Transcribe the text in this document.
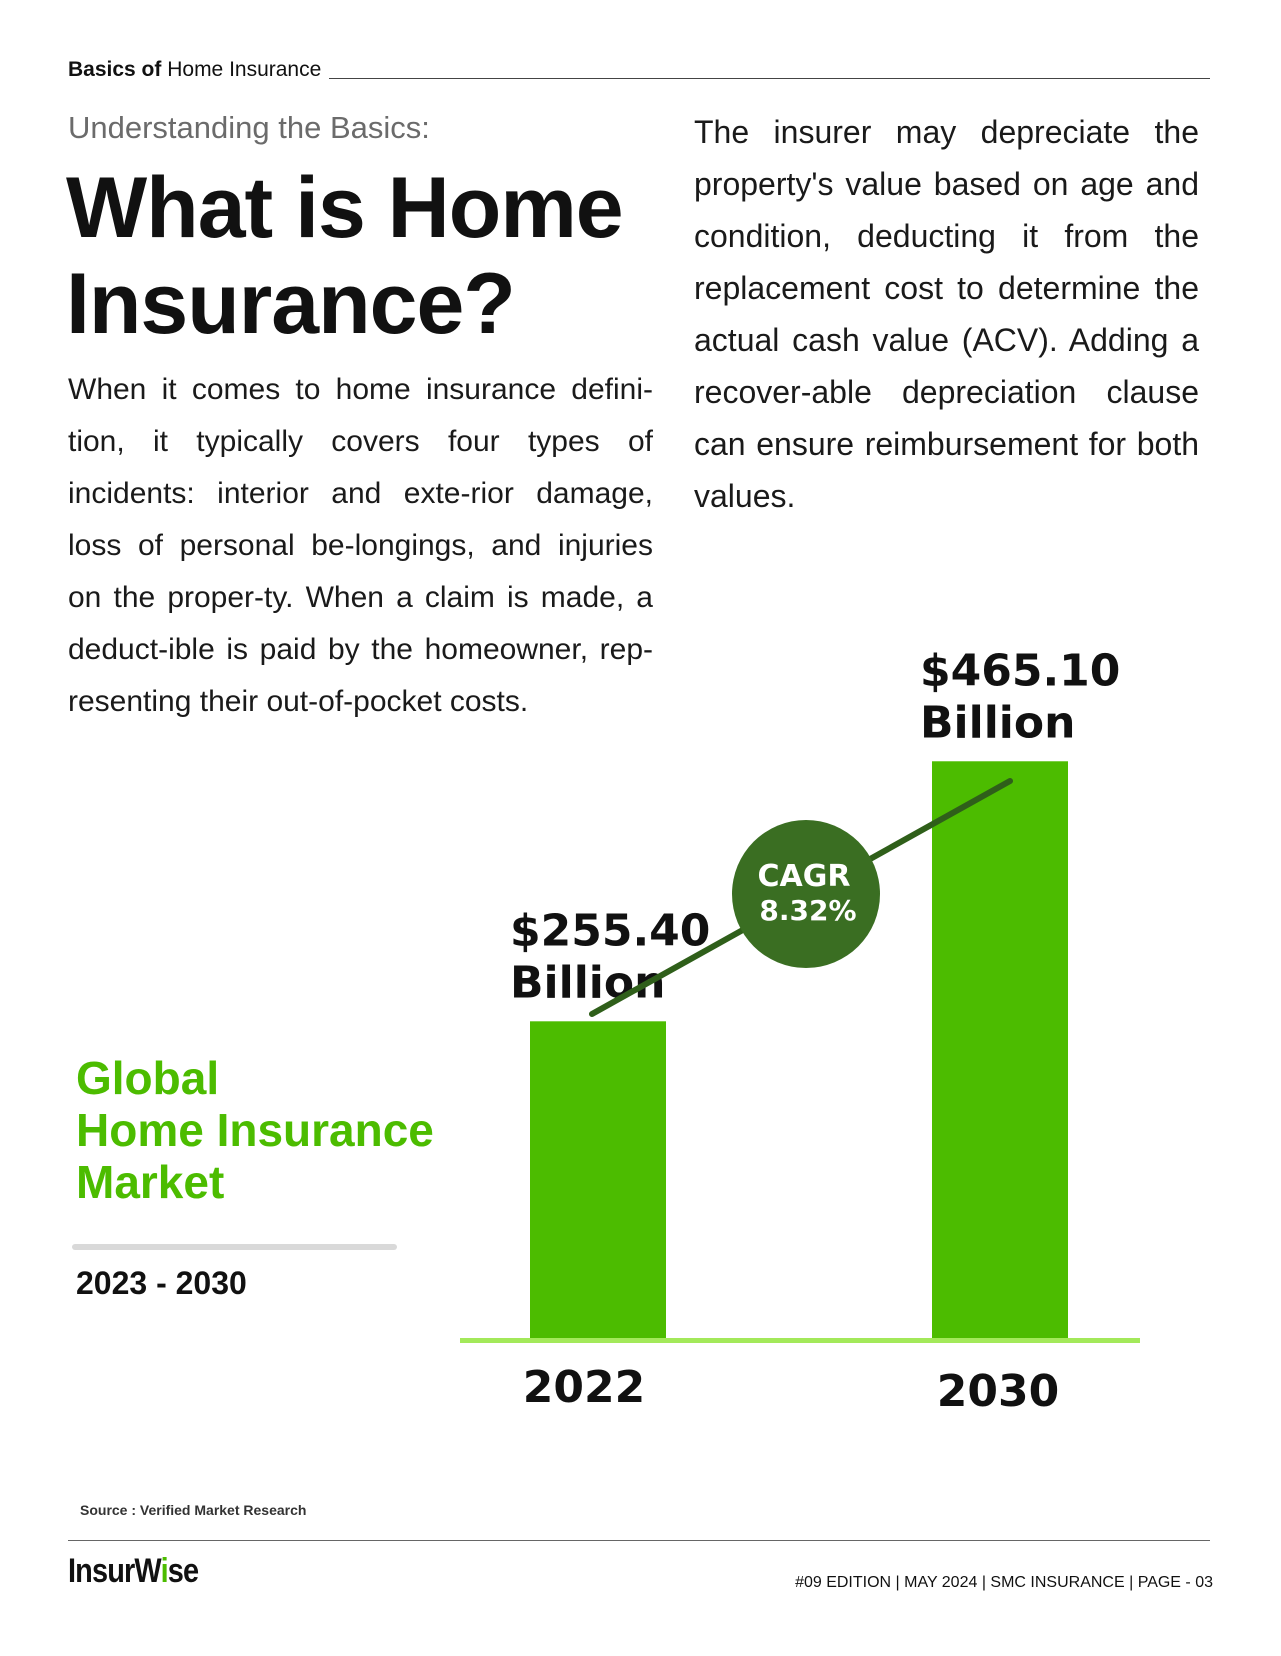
Basics of Home Insurance
Understanding the Basics:
What is Home Insurance?

When it comes to home insurance definition, it typically covers four types of incidents: interior and exte-rior damage, loss of personal be-longings, and injuries on the proper-ty. When a claim is made, a deduct-ible is paid by the homeowner, rep-resenting their out-of-pocket costs.

The insurer may depreciate the property's value based on age and condition, deducting it from the replacement cost to determine the actual cash value (ACV). Adding a recover-able depreciation clause can ensure reimbursement for both values.

Global
Home Insurance
Market
2023 - 2030
2022	2030
$255.40
Billion
$465.10
Billion
CAGR
8.32%
Source : Verified Market Research
InsurWise	#09 EDITION | MAY 2024 | SMC INSURANCE | PAGE - 03
